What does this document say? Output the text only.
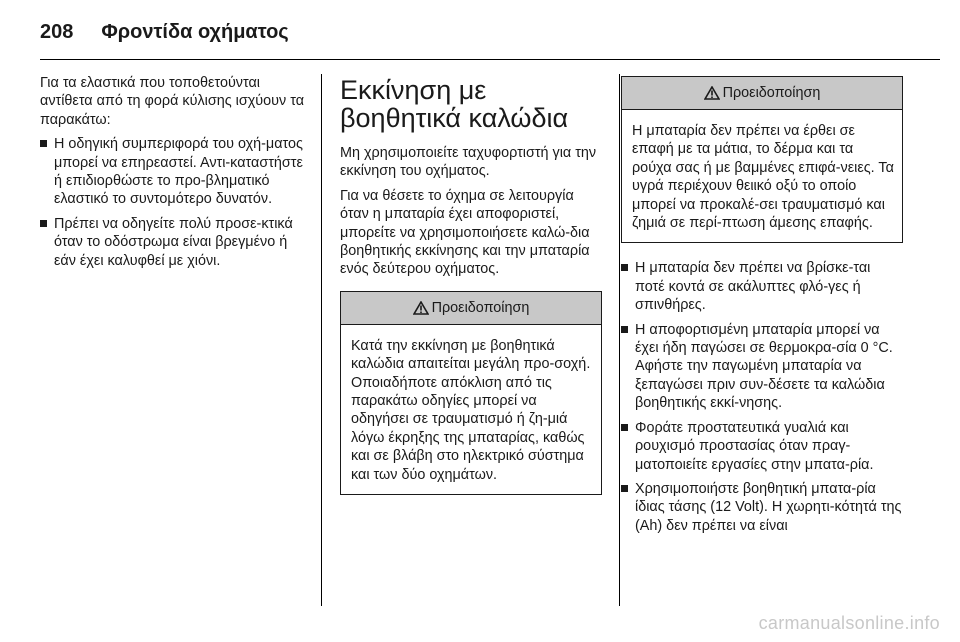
208 Φροντίδα οχήματος

Για τα ελαστικά που τοποθετούνται αντίθετα από τη φορά κύλισης ισχύουν τα παρακάτω:

Η οδηγική συμπεριφορά του οχή-ματος μπορεί να επηρεαστεί. Αντι-καταστήστε ή επιδιορθώστε το προ-βληματικό ελαστικό το συντομότερο δυνατόν.
Πρέπει να οδηγείτε πολύ προσε-κτικά όταν το οδόστρωμα είναι βρεγμένο ή εάν έχει καλυφθεί με χιόνι.
Εκκίνηση με βοηθητικά καλώδια

Μη χρησιμοποιείτε ταχυφορτιστή για την εκκίνηση του οχήματος.

Για να θέσετε το όχημα σε λειτουργία όταν η μπαταρία έχει αποφοριστεί, μπορείτε να χρησιμοποιήσετε καλώ-δια βοηθητικής εκκίνησης και την μπαταρία ενός δεύτερου οχήματος.

Προειδοποίηση
Κατά την εκκίνηση με βοηθητικά καλώδια απαιτείται μεγάλη προ-σοχή. Οποιαδήποτε απόκλιση από τις παρακάτω οδηγίες μπορεί να οδηγήσει σε τραυματισμό ή ζη-μιά λόγω έκρηξης της μπαταρίας, καθώς και σε βλάβη στο ηλεκτρικό σύστημα και των δύο οχημάτων.
Προειδοποίηση
Η μπαταρία δεν πρέπει να έρθει σε επαφή με τα μάτια, το δέρμα και τα ρούχα σας ή με βαμμένες επιφά-νειες. Τα υγρά περιέχουν θειικό οξύ το οποίο μπορεί να προκαλέ-σει τραυματισμό και ζημιά σε περί-πτωση άμεσης επαφής.
Η μπαταρία δεν πρέπει να βρίσκε-ται ποτέ κοντά σε ακάλυπτες φλό-γες ή σπινθήρες.
Η αποφορτισμένη μπαταρία μπορεί να έχει ήδη παγώσει σε θερμοκρα-σία 0 °C. Αφήστε την παγωμένη μπαταρία να ξεπαγώσει πριν συν-δέσετε τα καλώδια βοηθητικής εκκί-νησης.
Φοράτε προστατευτικά γυαλιά και ρουχισμό προστασίας όταν πραγ-ματοποιείτε εργασίες στην μπατα-ρία.
Χρησιμοποιήστε βοηθητική μπατα-ρία ίδιας τάσης (12 Volt). Η χωρητι-κότητά της (Ah) δεν πρέπει να είναι
carmanualsonline.info
